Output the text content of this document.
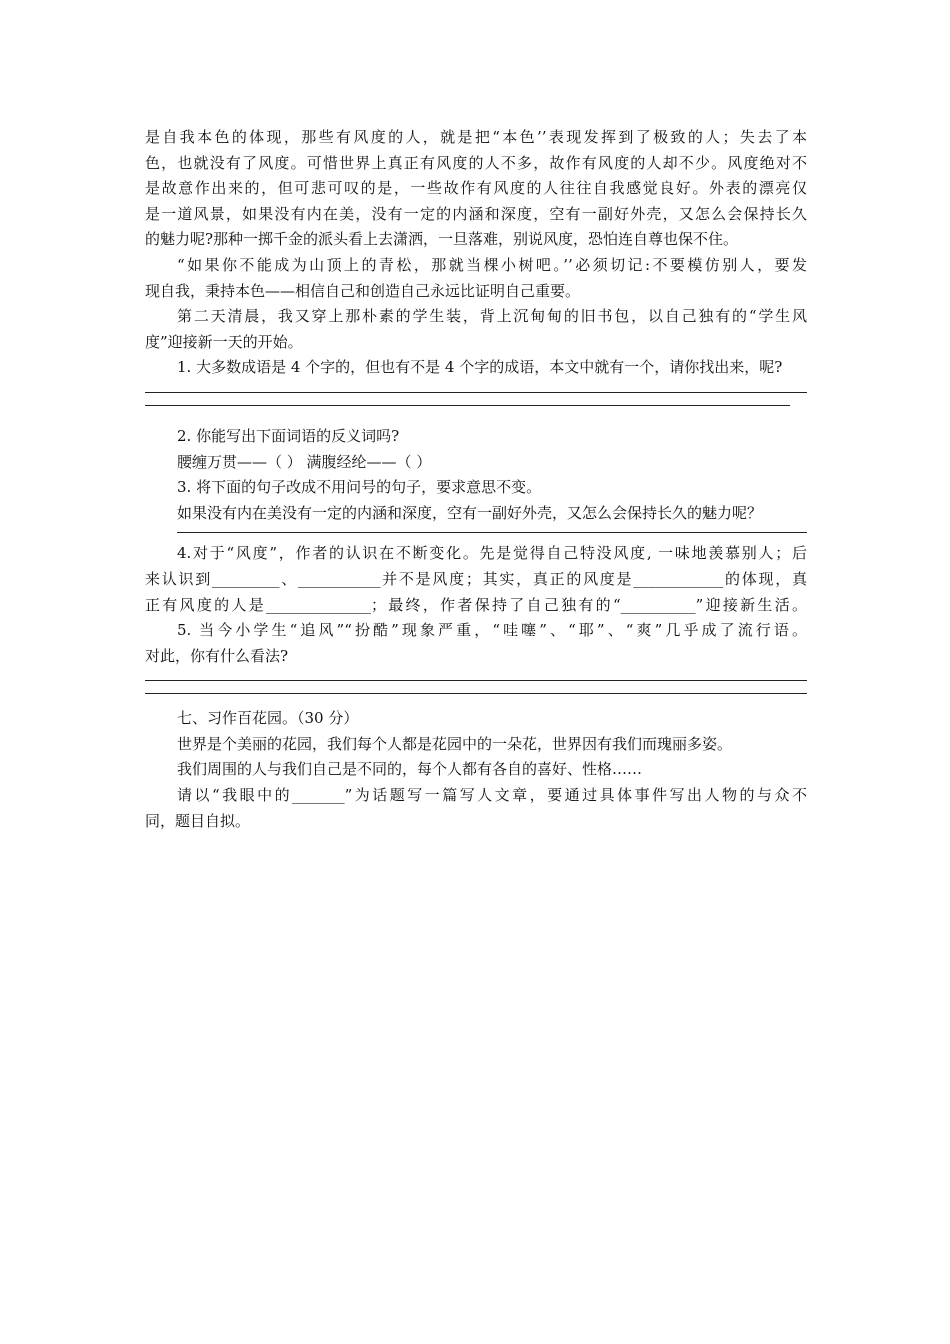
是自我本色的体现，那些有风度的人，就是把“本色’’表现发挥到了极致的人；失去了本
色，也就没有了风度。可惜世界上真正有风度的人不多，故作有风度的人却不少。风度绝对不
是故意作出来的，但可悲可叹的是，一些故作有风度的人往往自我感觉良好。外表的漂亮仅
是一道风景，如果没有内在美，没有一定的内涵和深度，空有一副好外壳，又怎么会保持长久
的魅力呢?那种一掷千金的派头看上去潇洒，一旦落难，别说风度，恐怕连自尊也保不住。
“如果你不能成为山顶上的青松，那就当棵小树吧。’’必须切记:不要模仿别人，要发
现自我，秉持本色——相信自己和创造自己永远比证明自己重要。
第二天清晨，我又穿上那朴素的学生装，背上沉甸甸的旧书包，以自己独有的“学生风
度”迎接新一天的开始。
1. 大多数成语是 4 个字的，但也有不是 4 个字的成语，本文中就有一个，请你找出来，呢?
2. 你能写出下面词语的反义词吗?
腰缠万贯——（ ） 满腹经纶——（ ）
3. 将下面的句子改成不用问号的句子，要求意思不变。
如果没有内在美没有一定的内涵和深度，空有一副好外壳，又怎么会保持长久的魅力呢？
4.对于“风度”，作者的认识在不断变化。先是觉得自己特没风度, 一味地羡慕别人；后
来认识到_________、___________并不是风度；其实，真正的风度是____________的体现，真
正有风度的人是______________；最终，作者保持了自己独有的“__________”迎接新生活。
5. 当今小学生“追风”“扮酷”现象严重，“哇噻”、“耶”、“爽”几乎成了流行语。
对此，你有什么看法?
七、习作百花园。（30 分）
世界是个美丽的花园，我们每个人都是花园中的一朵花，世界因有我们而瑰丽多姿。
我们周围的人与我们自己是不同的，每个人都有各自的喜好、性格……
请以“我眼中的_______”为话题写一篇写人文章，要通过具体事件写出人物的与众不
同，题目自拟。
